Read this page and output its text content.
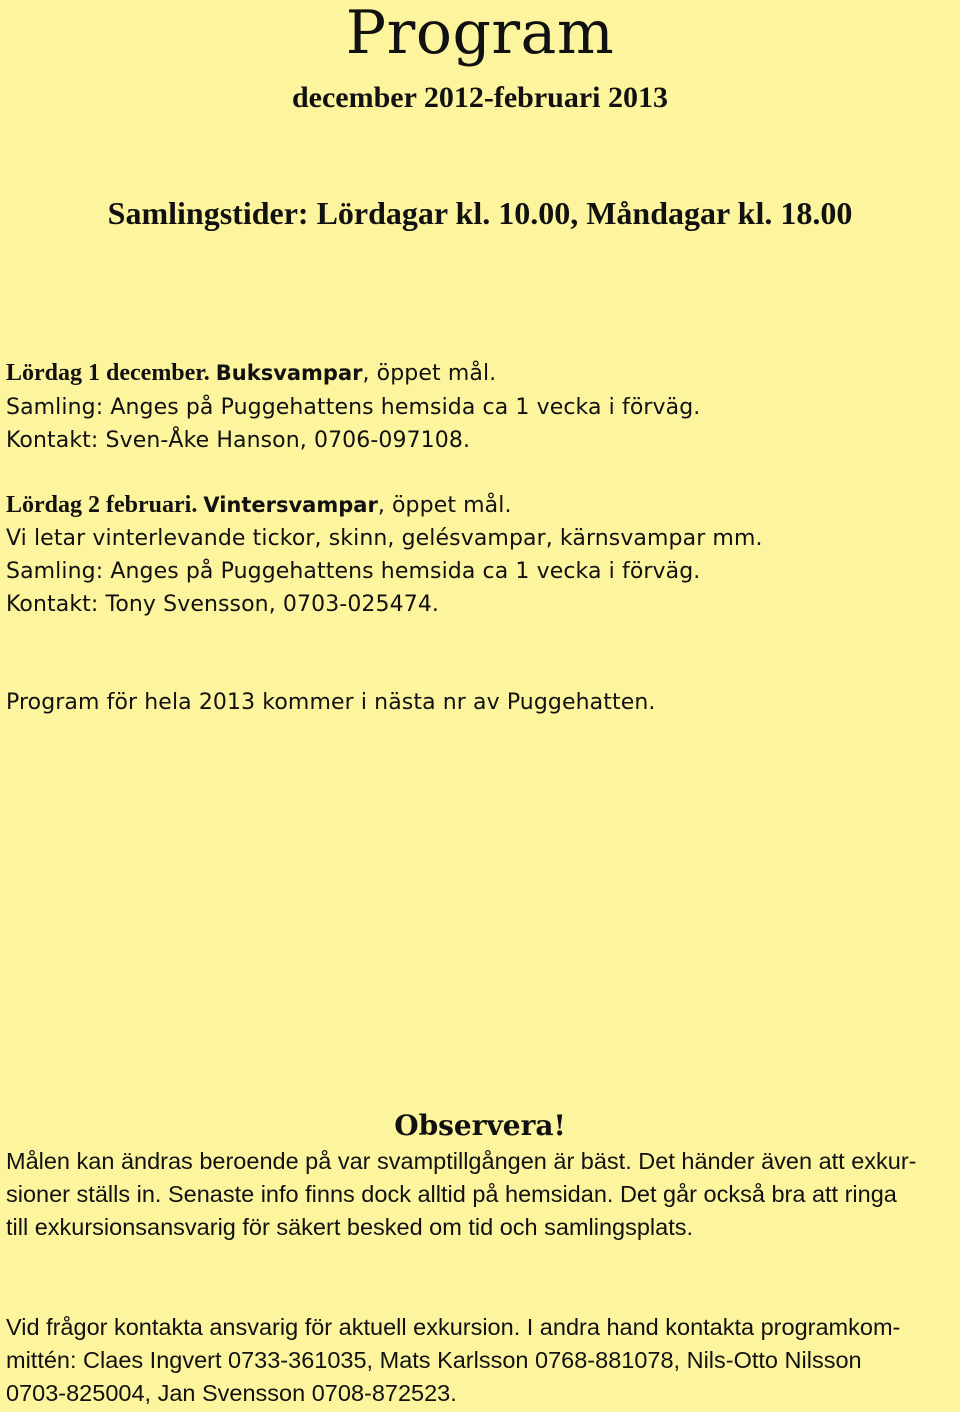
Program
december 2012-februari 2013
Samlingstider: Lördagar kl. 10.00, Måndagar kl. 18.00
Lördag 1 december. Buksvampar, öppet mål.
Samling: Anges på Puggehattens hemsida ca 1 vecka i förväg.
Kontakt: Sven-Åke Hanson, 0706-097108.
Lördag 2 februari. Vintersvampar, öppet mål.
Vi letar vinterlevande tickor, skinn, gelésvampar, kärnsvampar mm.
Samling: Anges på Puggehattens hemsida ca 1 vecka i förväg.
Kontakt: Tony Svensson, 0703-025474.
Program för hela 2013 kommer i nästa nr av Puggehatten.
Observera!
Målen kan ändras beroende på var svamptillgången är bäst. Det händer även att exkur-
sioner ställs in. Senaste info finns dock alltid på hemsidan. Det går också bra att ringa
till exkursionsansvarig för säkert besked om tid och samlingsplats.
Vid frågor kontakta ansvarig för aktuell exkursion. I andra hand kontakta programkom-
mittén: Claes Ingvert 0733-361035, Mats Karlsson 0768-881078, Nils-Otto Nilsson
0703-825004, Jan Svensson 0708-872523.
